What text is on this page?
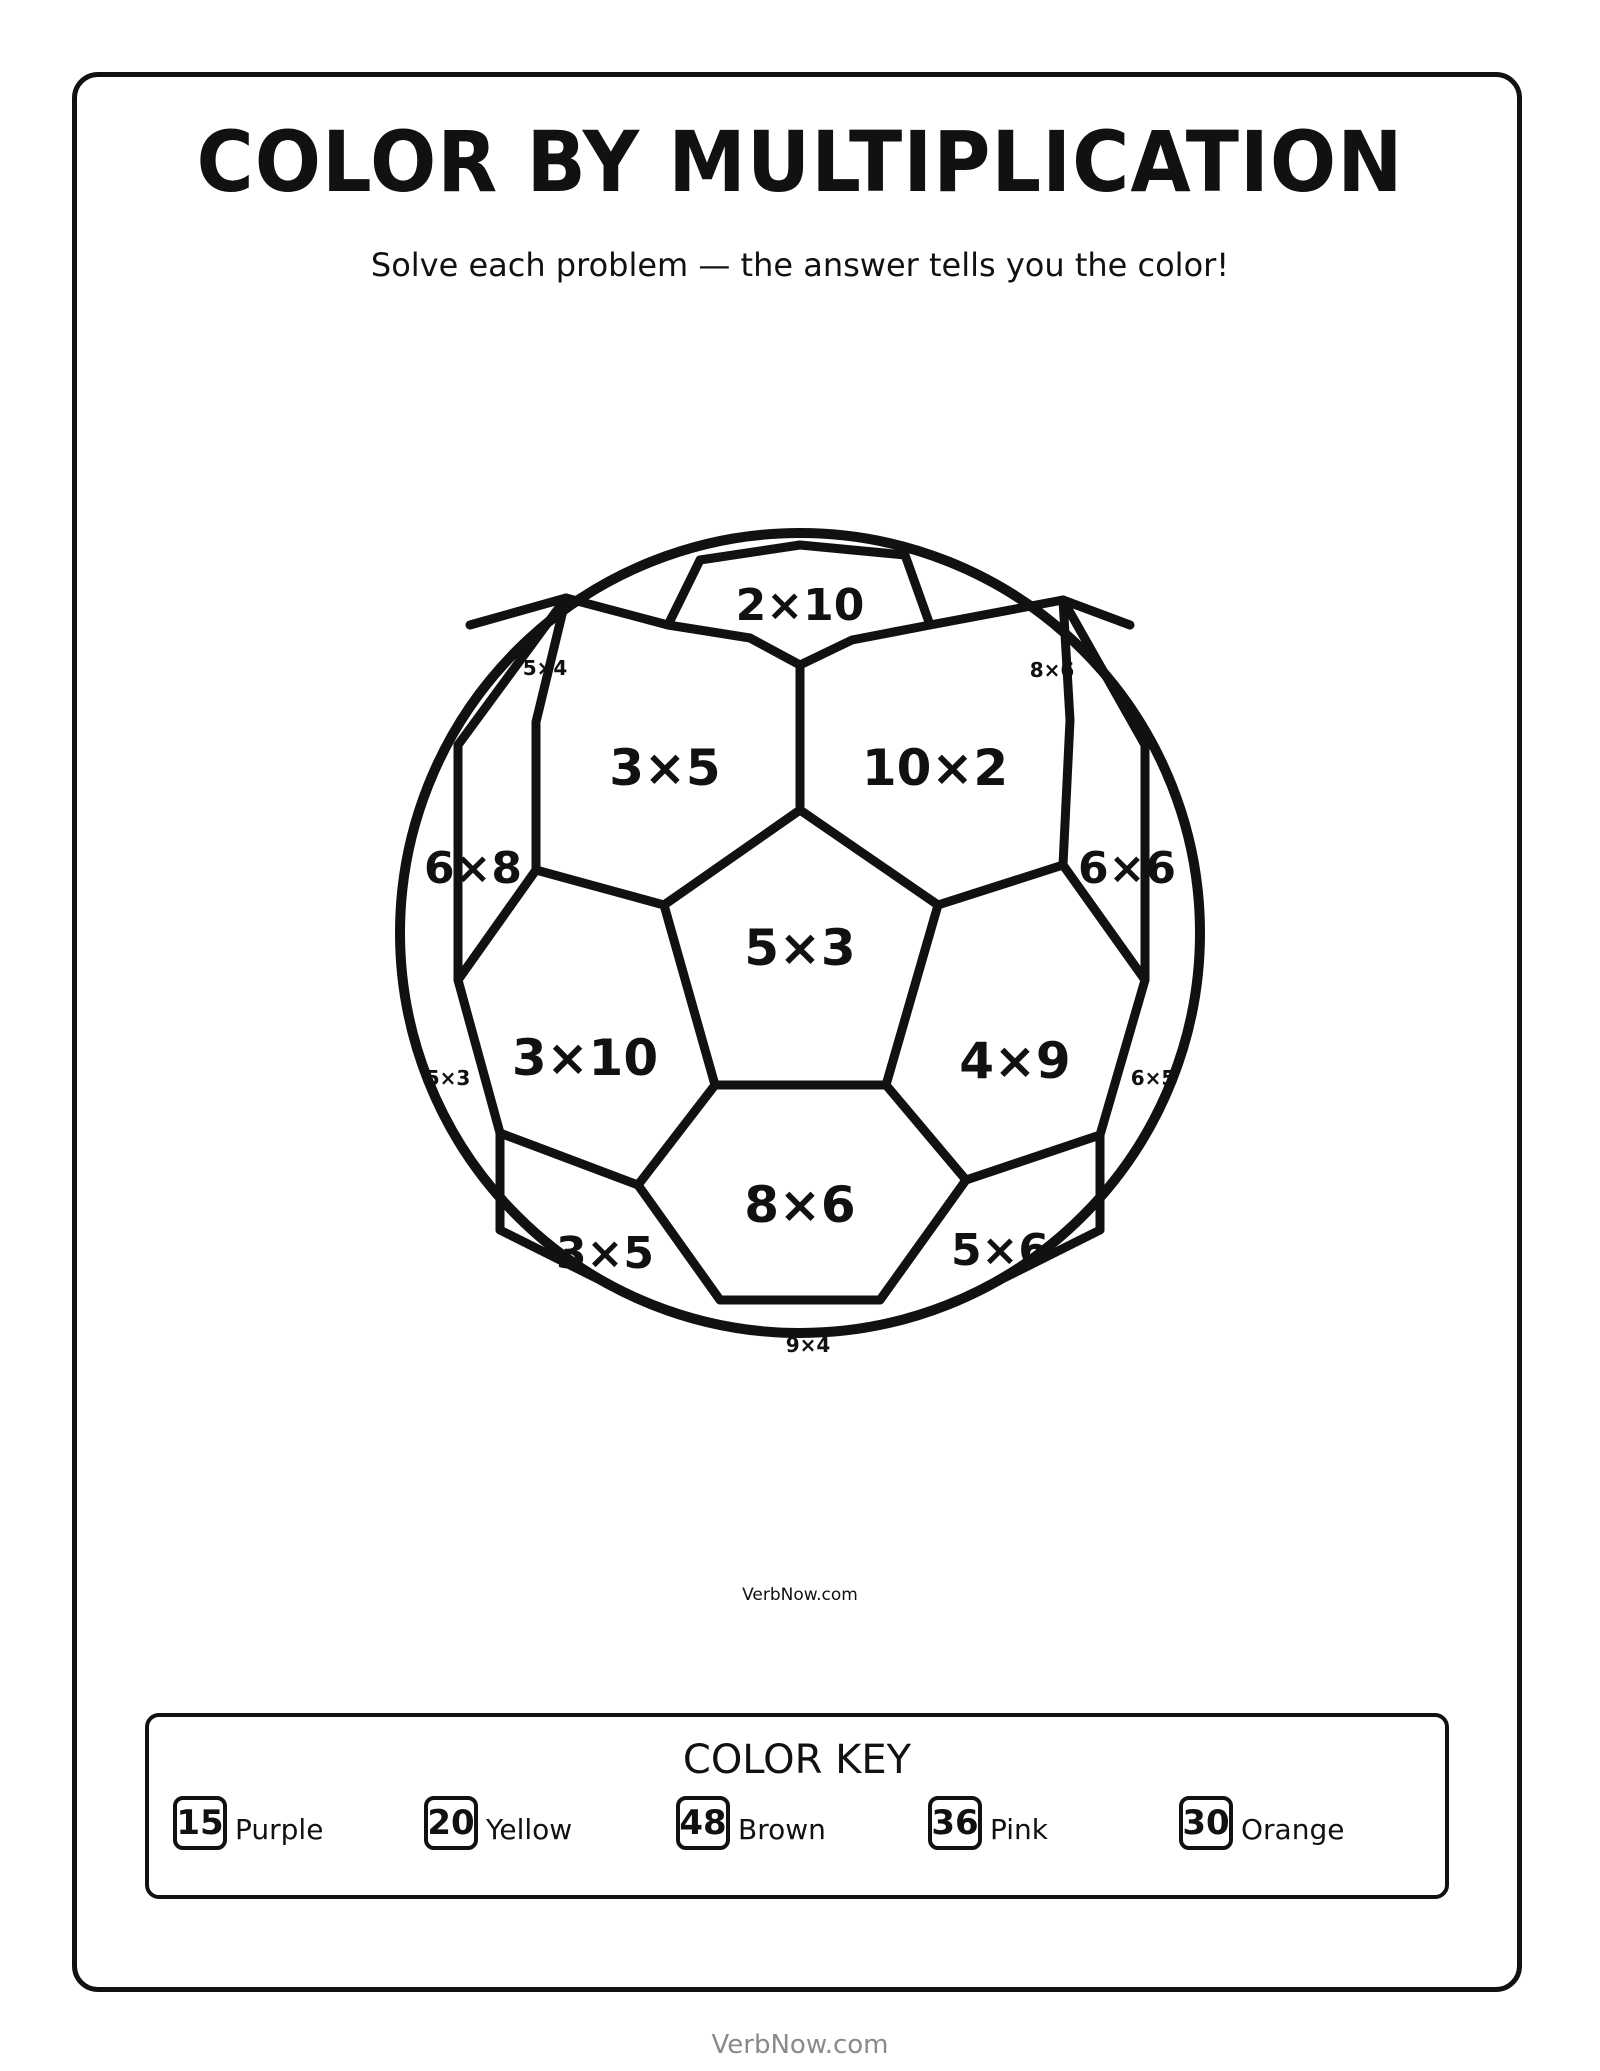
COLOR BY MULTIPLICATION
Solve each problem — the answer tells you the color!
2×10
5×4	8×6
3×5	10×2
6×8	6×6
5×3
3×10	4×9
5×3	6×5
8×6
3×5	5×6
9×4
VerbNow.com
COLOR KEY
15 Purple	20 Yellow	48 Brown	36 Pink	30 Orange
VerbNow.com
